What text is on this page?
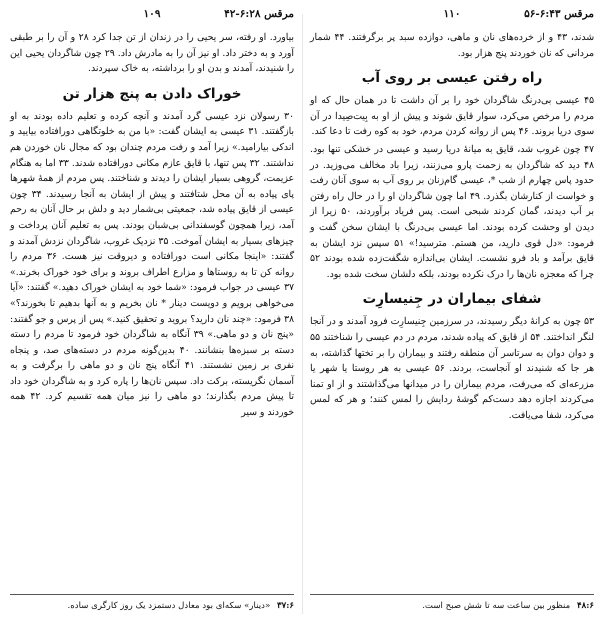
مرقس ۶:۲۸-۴۲
۱۰۹

بیاورد. او رفته، سر یحیی را در زندان از تن جدا کرد ۲۸ و آن را بر طبقی آورد و به دختر داد. او نیز آن را به مادرش داد. ۲۹ چون شاگردان یحیی این را شنیدند، آمدند و بدن او را برداشته، به خاک سپردند.

خوراک دادن به پنج هزار تن

۳۰ رسولان نزد عیسی گرد آمدند و آنچه کرده و تعلیم داده بودند به او بازگفتند. ۳۱ عیسی به ایشان گفت: «با من به خلوتگاهی دورافتاده بیایید و اندکی بیارامید.» زیرا آمد و رفت مردم چندان بود که مجال نان خوردن هم نداشتند. ۳۲ پس تنها، با قایق عازم مکانی دورافتاده شدند. ۳۳ اما به هنگام عزیمت، گروهی بسیار ایشان را دیدند و شناختند. پس مردم از همهٔ شهرها پای پیاده به آن محل شتافتند و پیش از ایشان به آنجا رسیدند. ۳۴ چون عیسی از قایق پیاده شد، جمعیتی بی‌شمار دید و دلش بر حال آنان به رحم آمد، زیرا همچون گوسفندانی بی‌شبان بودند. پس به تعلیم آنان پرداخت و چیزهای بسیار به ایشان آموخت. ۳۵ نزدیک غروب، شاگردان نزدش آمدند و گفتند: «اینجا مکانی است دورافتاده و دیروقت نیز هست. ۳۶ مردم را روانه کن تا به روستاها و مزارع اطراف بروند و برای خود خوراک بخرند.» ۳۷ عیسی در جواب فرمود: «شما خود به ایشان خوراک دهید.» گفتند: «آیا می‌خواهی برویم و دویست دینار * نان بخریم و به آنها بدهیم تا بخورند؟» ۳۸ فرمود: «چند نان دارید؟ بروید و تحقیق کنید.» پس از پرس و جو گفتند: «پنج نان و دو ماهی.» ۳۹ آنگاه به شاگردان خود فرمود تا مردم را دسته دسته بر سبزه‌ها بنشانند. ۴۰ بدین‌گونه مردم در دسته‌های صد، و پنجاه نفری بر زمین نشستند. ۴۱ آنگاه پنج نان و دو ماهی را برگرفت و به آسمان نگریسته، برکت داد. سپس نان‌ها را پاره کرد و به شاگردان خود داد تا پیش مردم بگذارند؛ دو ماهی را نیز میان همه تقسیم کرد. ۴۲ همه خوردند و سیر

۳۷:۶ «دینار» سکه‌ای بود معادل دستمزد یک روز کارگری ساده.
مرقس ۶:۴۳-۵۶
۱۱۰

شدند، ۴۳ و از خرده‌های نان و ماهی، دوازده سبد پر برگرفتند. ۴۴ شمار مردانی که نان خوردند پنج هزار بود.

راه رفتن عیسی بر روی آب

۴۵ عیسی بی‌درنگ شاگردان خود را بر آن داشت تا در همان حال که او مردم را مرخص می‌کرد، سوار قایق شوند و پیش از او به بِیت‌صِیدا در آن سوی دریا بروند. ۴۶ پس از روانه کردن مردم، خود به کوه رفت تا دعا کند.

۴۷ چون غروب شد، قایق به میانهٔ دریا رسید و عیسی در خشکی تنها بود. ۴۸ دید که شاگردان به زحمت پارو می‌زنند، زیرا باد مخالف می‌وزید. در حدود پاس چهارم از شب *، عیسی گام‌زنان بر روی آب به سوی آنان رفت و خواست از کنارشان بگذرد. ۴۹ اما چون شاگردان او را در حال راه رفتن بر آب دیدند، گمان کردند شبحی است. پس فریاد برآوردند، ۵۰ زیرا از دیدن او وحشت کرده بودند. اما عیسی بی‌درنگ با ایشان سخن گفت و فرمود: «دل قوی دارید، من هستم. مترسید!» ۵۱ سپس نزد ایشان به قایق برآمد و باد فرو نشست. ایشان بی‌اندازه شگفت‌زده شده بودند ۵۲ چرا که معجزه نان‌ها را درک نکرده بودند، بلکه دلشان سخت شده بود.

شفای بیماران در جِنیسارِت

۵۳ چون به کرانهٔ دیگر رسیدند، در سرزمین جِنیسارِت فرود آمدند و در آنجا لنگر انداختند. ۵۴ از قایق که پیاده شدند، مردم در دم عیسی را شناختند ۵۵ و دوان دوان به سرتاسر آن منطقه رفتند و بیماران را بر تختها گذاشته، به هر جا که شنیدند او آنجاست، بردند. ۵۶ عیسی به هر روستا یا شهر یا مزرعه‌ای که می‌رفت، مردم بیماران را در میدانها می‌گذاشتند و از او تمنا می‌کردند اجازه دهد دست‌کم گوشهٔ ردایش را لمس کنند؛ و هر که لمس می‌کرد، شفا می‌یافت.

۴۸:۶ منظور بین ساعت سه تا شش صبح است.
